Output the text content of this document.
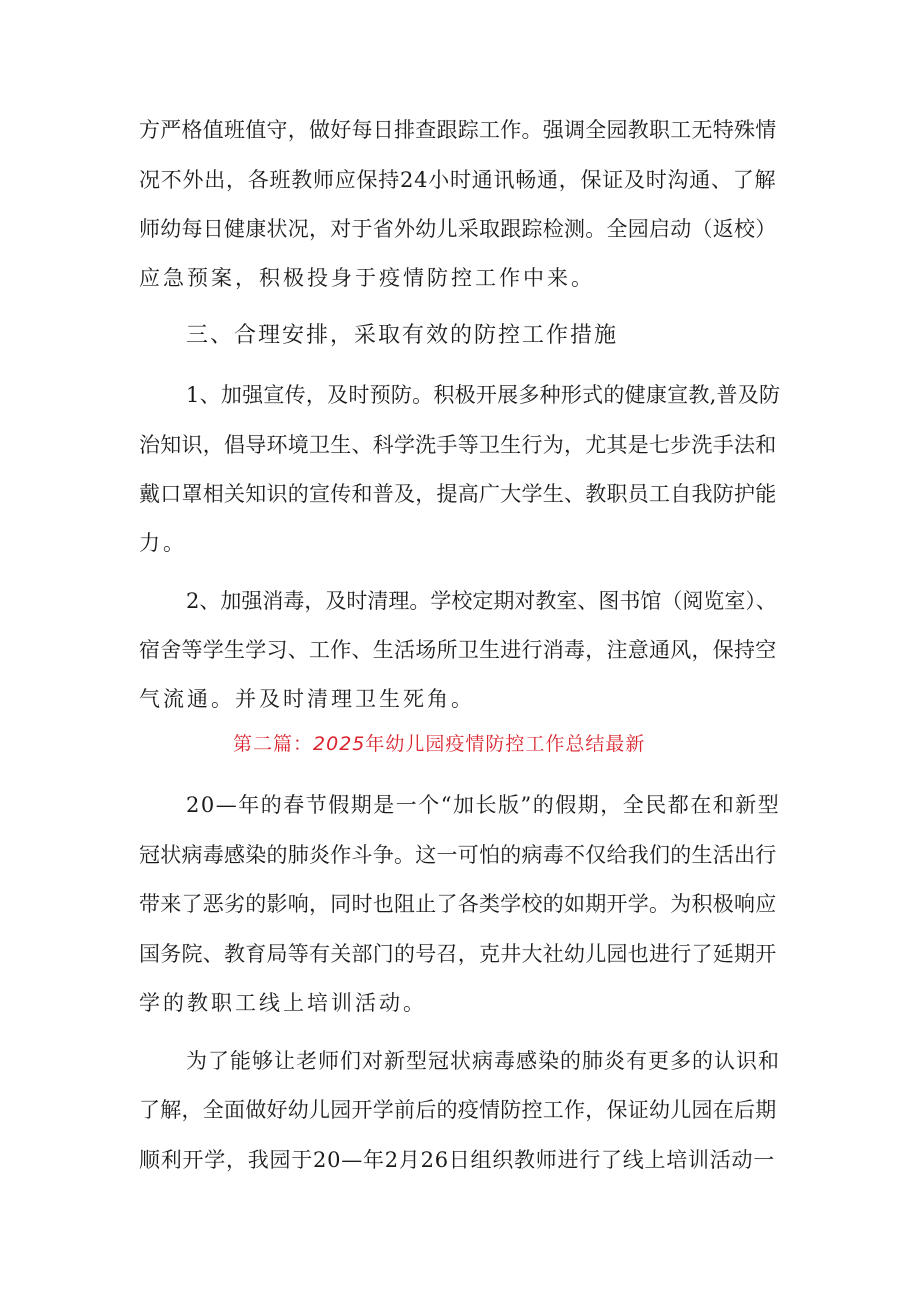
方严格值班值守，做好每日排查跟踪工作。强调全园教职工无特殊情
况不外出，各班教师应保持24小时通讯畅通，保证及时沟通、了解
师幼每日健康状况，对于省外幼儿采取跟踪检测。全园启动（返校）
应急预案，积极投身于疫情防控工作中来。
三、合理安排，采取有效的防控工作措施
1、加强宣传，及时预防。积极开展多种形式的健康宣教,普及防
治知识，倡导环境卫生、科学洗手等卫生行为，尤其是七步洗手法和
戴口罩相关知识的宣传和普及，提高广大学生、教职员工自我防护能
力。
2、加强消毒，及时清理。学校定期对教室、图书馆（阅览室）、
宿舍等学生学习、工作、生活场所卫生进行消毒，注意通风，保持空
气流通。并及时清理卫生死角。
第二篇：2025年幼儿园疫情防控工作总结最新
20—年的春节假期是一个“加长版”的假期，全民都在和新型
冠状病毒感染的肺炎作斗争。这一可怕的病毒不仅给我们的生活出行
带来了恶劣的影响，同时也阻止了各类学校的如期开学。为积极响应
国务院、教育局等有关部门的号召，克井大社幼儿园也进行了延期开
学的教职工线上培训活动。
为了能够让老师们对新型冠状病毒感染的肺炎有更多的认识和
了解，全面做好幼儿园开学前后的疫情防控工作，保证幼儿园在后期
顺利开学，我园于20—年2月26日组织教师进行了线上培训活动一
